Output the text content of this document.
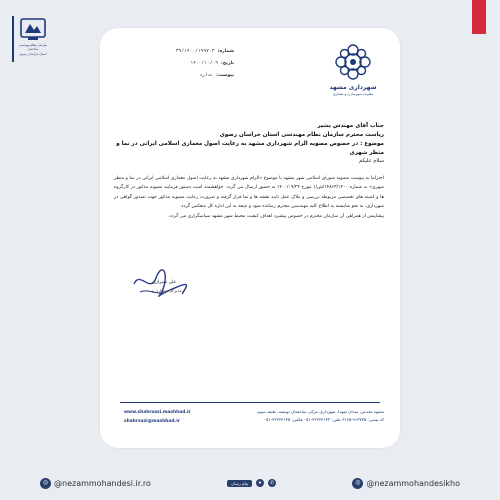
سازمان نظام مهندسی ساختمان
استان خراسان رضوی	شماره:
۳۹/۱۴۰۰/۱۹۹۷۰۳
تاریخ:
۱۴۰۰/۱۰/۰۹
پیوست:
ندارد
شهرداری مشهد
معاونت شهرسازی و معماری
جناب آقای مهندس بشیر
ریاست محترم سازمان نظام مهندسی استان خراسان رضوی
موضوع : در خصوص مصوبه الزام شهرداری مشهد به رعایت اصول معماری اسلامی ایرانی در نما و منظر شهری
سلام علیکم

احتراما به پیوست مصوبه شورای اسلامی شهر مشهد با موضوع «الزام شهرداری مشهد به رعایت اصول معماری اسلامی ایرانی در نما و منظر شهری» به شماره ۱۴۸۶۳/۱۴۰۰/ش/۱ مورخ ۱۴۰۰/۰۹/۲۴ به حضور ارسال می گردد. خواهشمند است دستور فرمایید مصوبه مذکور در کارگروه ها و کمیته های تخصصی مربوطه بررسی و ملاک عمل تایید نقشه ها و نما قرار گرفته و ضرورت رعایت مصوبه مذکور جهت تصدور گواهی در شهرداری، به نحو شایسته به اطلاع کلیه مهندسین محترم رسانده شود و نتیجه به این اداره کل منعکس گردد.

پیشاپیش از همراهی آن سازمان محترم در خصوص پیشبرد اهداف کیفیت محیط شهر مشهد سپاسگزاری می گردد.

علی شیرازی
مدیرکل معماری و
www.shahrsazi.mashhad.ir
shahrsazi@mashhad.ir
مشهد مقدس، میدان شهدا، شهرداری مرکز، ساختمان توسعه، طبقه سوم
کد پستی: ۹۱۳۷۷۵-۳۱۶۵ تلفن: ۳۲۲۳۳۱۴۴-۰۵۱ فکس: ۳۲۲۳۳۱۴۵-۰۵۱
◎ @nezammohandesi.ir.ro	پیام رسان	➤	✆	◎ @nezammohandesikho
